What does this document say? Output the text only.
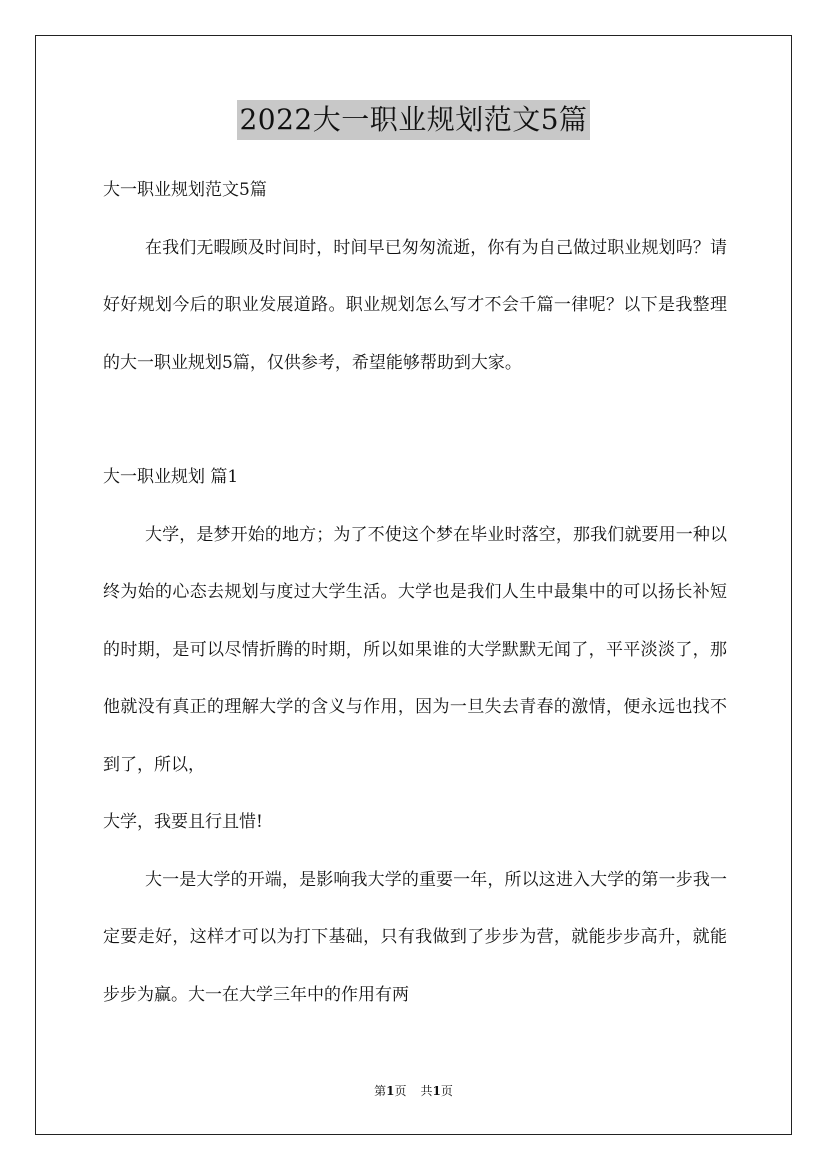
2022大一职业规划范文5篇

大一职业规划范文5篇

在我们无暇顾及时间时，时间早已匆匆流逝，你有为自己做过职业规划吗？请好好规划今后的职业发展道路。职业规划怎么写才不会千篇一律呢？以下是我整理的大一职业规划5篇，仅供参考，希望能够帮助到大家。

大一职业规划 篇1

大学，是梦开始的地方；为了不使这个梦在毕业时落空，那我们就要用一种以终为始的心态去规划与度过大学生活。大学也是我们人生中最集中的可以扬长补短的时期，是可以尽情折腾的时期，所以如果谁的大学默默无闻了，平平淡淡了，那他就没有真正的理解大学的含义与作用，因为一旦失去青春的激情，便永远也找不到了，所以，

大学，我要且行且惜!

大一是大学的开端，是影响我大学的重要一年，所以这进入大学的第一步我一定要走好，这样才可以为打下基础，只有我做到了步步为营，就能步步高升，就能步步为赢。大一在大学三年中的作用有两

第1页 共1页
